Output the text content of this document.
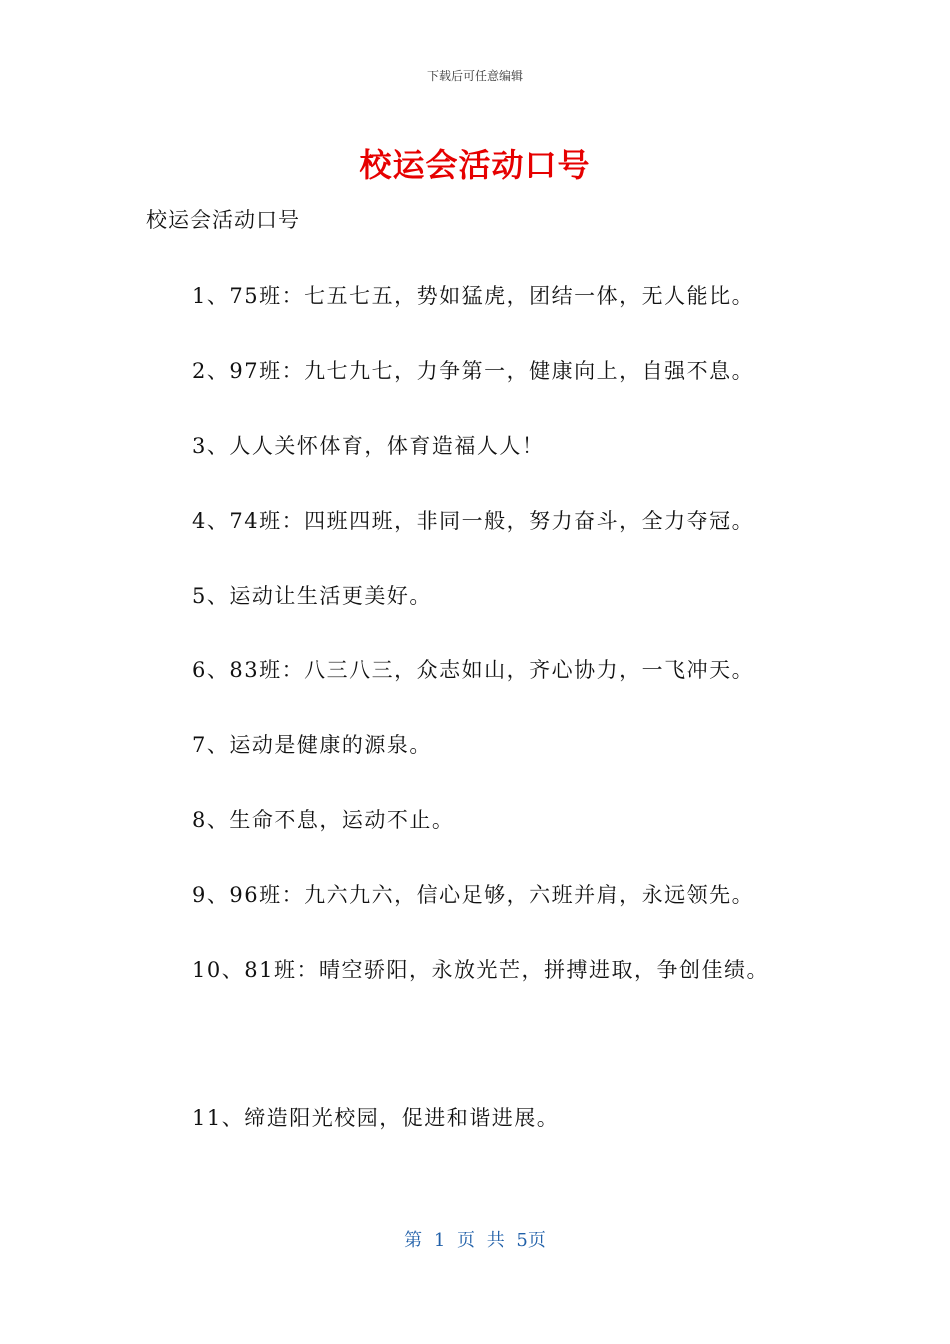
下载后可任意编辑
校运会活动口号
校运会活动口号
1、75班：七五七五，势如猛虎，团结一体，无人能比。
2、97班：九七九七，力争第一，健康向上，自强不息。
3、人人关怀体育，体育造福人人！
4、74班：四班四班，非同一般，努力奋斗，全力夺冠。
5、运动让生活更美好。
6、83班：八三八三，众志如山，齐心协力，一飞冲天。
7、运动是健康的源泉。
8、生命不息，运动不止。
9、96班：九六九六，信心足够，六班并肩，永远领先。
10、81班：晴空骄阳，永放光芒，拼搏进取，争创佳绩。
11、缔造阳光校园，促进和谐进展。
第 1 页 共 5页
